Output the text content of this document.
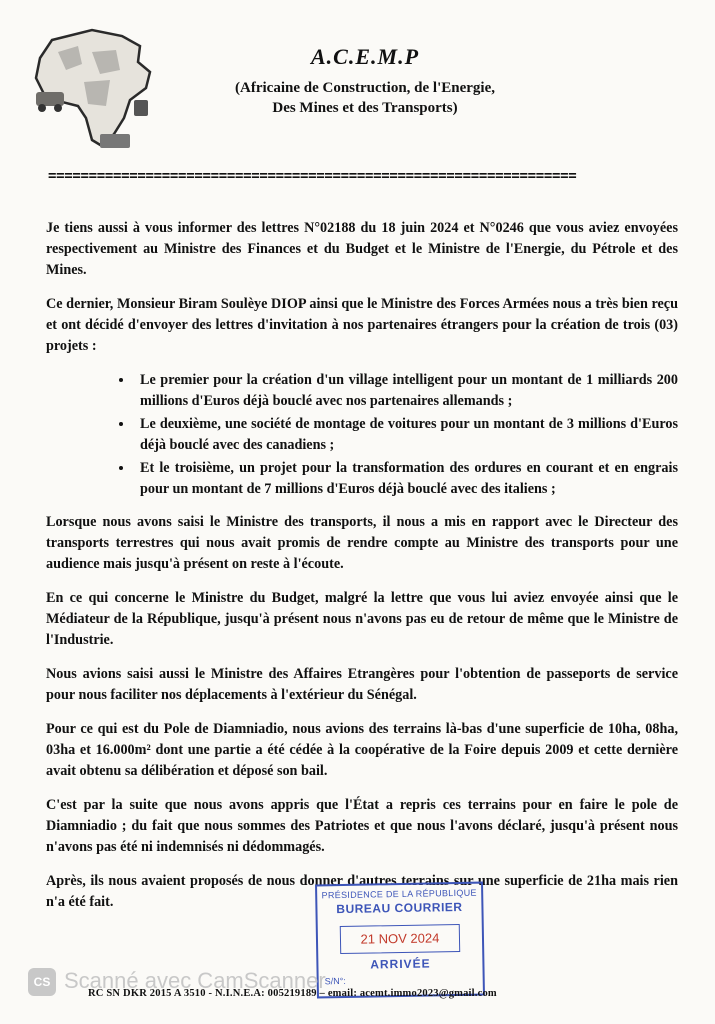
A.C.E.M.P
(Africaine de Construction, de l'Energie,
Des Mines et des Transports)
=================================================================

Je tiens aussi à vous informer des lettres N°02188 du 18 juin 2024 et N°0246 que vous aviez envoyées respectivement au Ministre des Finances et du Budget et le Ministre de l'Energie, du Pétrole et des Mines.

Ce dernier, Monsieur Biram Soulèye DIOP ainsi que le Ministre des Forces Armées nous a très bien reçu et ont décidé d'envoyer des lettres d'invitation à nos partenaires étrangers pour la création de trois (03) projets :

• Le premier pour la création d'un village intelligent pour un montant de 1 milliards 200 millions d'Euros déjà bouclé avec nos partenaires allemands ;
• Le deuxième, une société de montage de voitures pour un montant de 3 millions d'Euros déjà bouclé avec des canadiens ;
• Et le troisième, un projet pour la transformation des ordures en courant et en engrais pour un montant de 7 millions d'Euros déjà bouclé avec des italiens ;

Lorsque nous avons saisi le Ministre des transports, il nous a mis en rapport avec le Directeur des transports terrestres qui nous avait promis de rendre compte au Ministre des transports pour une audience mais jusqu'à présent on reste à l'écoute.

En ce qui concerne le Ministre du Budget, malgré la lettre que vous lui aviez envoyée ainsi que le Médiateur de la République, jusqu'à présent nous n'avons pas eu de retour de même que le Ministre de l'Industrie.

Nous avions saisi aussi le Ministre des Affaires Etrangères pour l'obtention de passeports de service pour nous faciliter nos déplacements à l'extérieur du Sénégal.

Pour ce qui est du Pole de Diamniadio, nous avions des terrains là-bas d'une superficie de 10ha, 08ha, 03ha et 16.000m² dont une partie a été cédée à la coopérative de la Foire depuis 2009 et cette dernière avait obtenu sa délibération et déposé son bail.

C'est par la suite que nous avons appris que l'État a repris ces terrains pour en faire le pole de Diamniadio ; du fait que nous sommes des Patriotes et que nous l'avons déclaré, jusqu'à présent nous n'avons pas été ni indemnisés ni dédommagés.

Après, ils nous avaient proposés de nous donner d'autres terrains sur une superficie de 21ha mais rien n'a été fait.	PRÉSIDENCE DE LA RÉPUBLIQUE
BUREAU COURRIER
21 NOV 2024
ARRIVÉE
S/N°:
CS Scanné avec CamScanner
RC SN DKR 2015 A 3510 - N.I.N.E.A: 005219189 – email: acemt.immo2023@gmail.com
